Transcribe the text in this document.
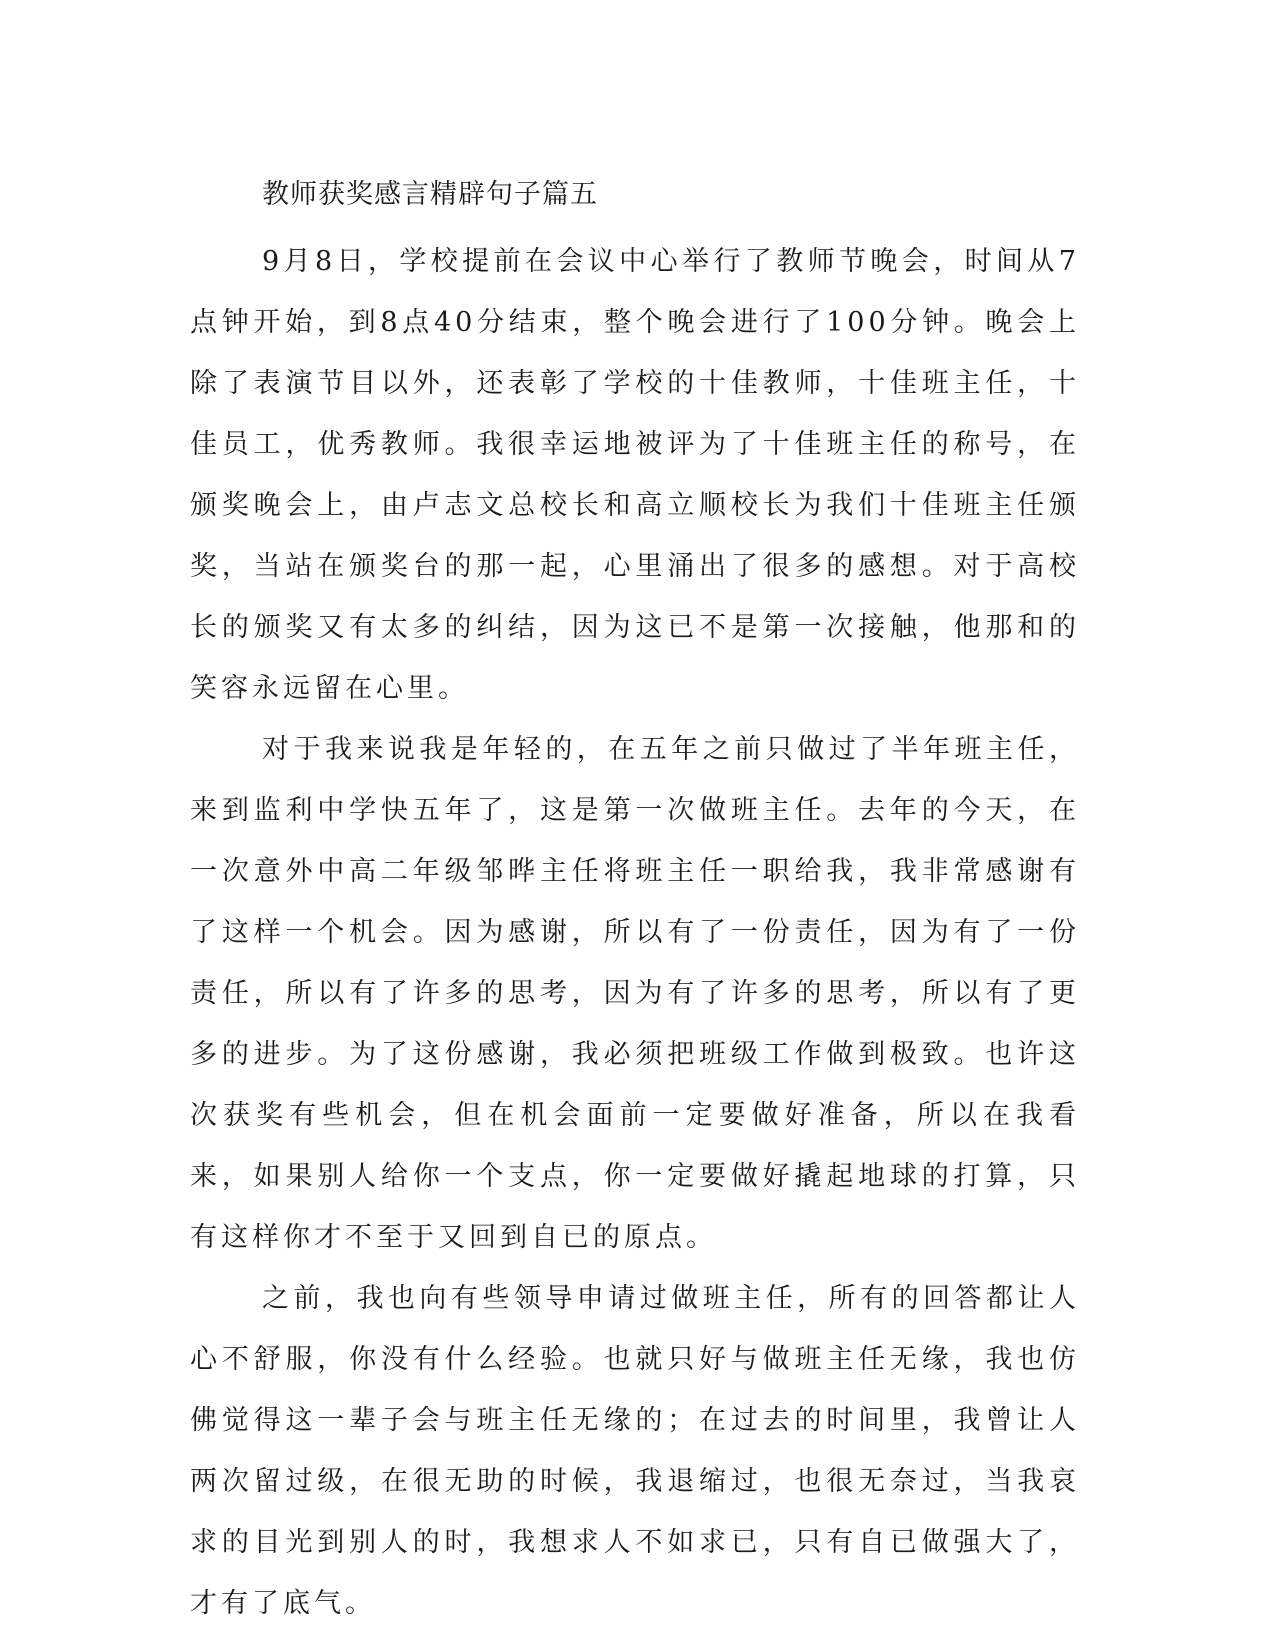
教师获奖感言精辟句子篇五

9月8日，学校提前在会议中心举行了教师节晚会，时间从7点钟开始，到8点40分结束，整个晚会进行了100分钟。晚会上除了表演节目以外，还表彰了学校的十佳教师，十佳班主任，十佳员工，优秀教师。我很幸运地被评为了十佳班主任的称号，在颁奖晚会上，由卢志文总校长和高立顺校长为我们十佳班主任颁奖，当站在颁奖台的那一起，心里涌出了很多的感想。对于高校长的颁奖又有太多的纠结，因为这已不是第一次接触，他那和的笑容永远留在心里。

对于我来说我是年轻的，在五年之前只做过了半年班主任，来到监利中学快五年了，这是第一次做班主任。去年的今天，在一次意外中高二年级邹晔主任将班主任一职给我，我非常感谢有了这样一个机会。因为感谢，所以有了一份责任，因为有了一份责任，所以有了许多的思考，因为有了许多的思考，所以有了更多的进步。为了这份感谢，我必须把班级工作做到极致。也许这次获奖有些机会，但在机会面前一定要做好准备，所以在我看来，如果别人给你一个支点，你一定要做好撬起地球的打算，只有这样你才不至于又回到自已的原点。

之前，我也向有些领导申请过做班主任，所有的回答都让人心不舒服，你没有什么经验。也就只好与做班主任无缘，我也仿佛觉得这一辈子会与班主任无缘的；在过去的时间里，我曾让人两次留过级，在很无助的时候，我退缩过，也很无奈过，当我哀求的目光到别人的时，我想求人不如求已，只有自已做强大了，才有了底气。
